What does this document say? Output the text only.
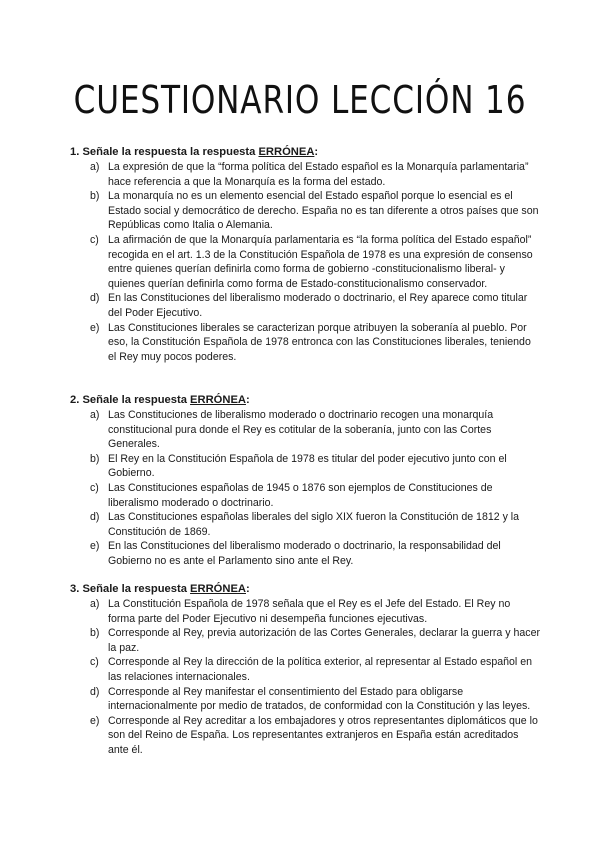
CUESTIONARIO LECCIÓN 16
1. Señale la respuesta la respuesta ERRÓNEA:
a) La expresión de que la “forma política del Estado español es la Monarquía parlamentaria” hace referencia a que la Monarquía es la forma del estado.
b) La monarquía no es un elemento esencial del Estado español porque lo esencial es el Estado social y democrático de derecho. España no es tan diferente a otros países que son Repúblicas como Italia o Alemania.
c) La afirmación de que la Monarquía parlamentaria es “la forma política del Estado español” recogida en el art. 1.3 de la Constitución Española de 1978 es una expresión de consenso entre quienes querían definirla como forma de gobierno -constitucionalismo liberal- y quienes querían definirla como forma de Estado-constitucionalismo conservador.
d) En las Constituciones del liberalismo moderado o doctrinario, el Rey aparece como titular del Poder Ejecutivo.
e) Las Constituciones liberales se caracterizan porque atribuyen la soberanía al pueblo. Por eso, la Constitución Española de 1978 entronca con las Constituciones liberales, teniendo el Rey muy pocos poderes.
2. Señale la respuesta ERRÓNEA:
a) Las Constituciones de liberalismo moderado o doctrinario recogen una monarquía constitucional pura donde el Rey es cotitular de la soberanía, junto con las Cortes Generales.
b) El Rey en la Constitución Española de 1978 es titular del poder ejecutivo junto con el Gobierno.
c) Las Constituciones españolas de 1945 o 1876 son ejemplos de Constituciones de liberalismo moderado o doctrinario.
d) Las Constituciones españolas liberales del siglo XIX fueron la Constitución de 1812 y la Constitución de 1869.
e) En las Constituciones del liberalismo moderado o doctrinario, la responsabilidad del Gobierno no es ante el Parlamento sino ante el Rey.
3. Señale la respuesta ERRÓNEA:
a) La Constitución Española de 1978 señala que el Rey es el Jefe del Estado. El Rey no forma parte del Poder Ejecutivo ni desempeña funciones ejecutivas.
b) Corresponde al Rey, previa autorización de las Cortes Generales, declarar la guerra y hacer la paz.
c) Corresponde al Rey la dirección de la política exterior, al representar al Estado español en las relaciones internacionales.
d) Corresponde al Rey manifestar el consentimiento del Estado para obligarse internacionalmente por medio de tratados, de conformidad con la Constitución y las leyes.
e) Corresponde al Rey acreditar a los embajadores y otros representantes diplomáticos que lo son del Reino de España. Los representantes extranjeros en España están acreditados ante él.
